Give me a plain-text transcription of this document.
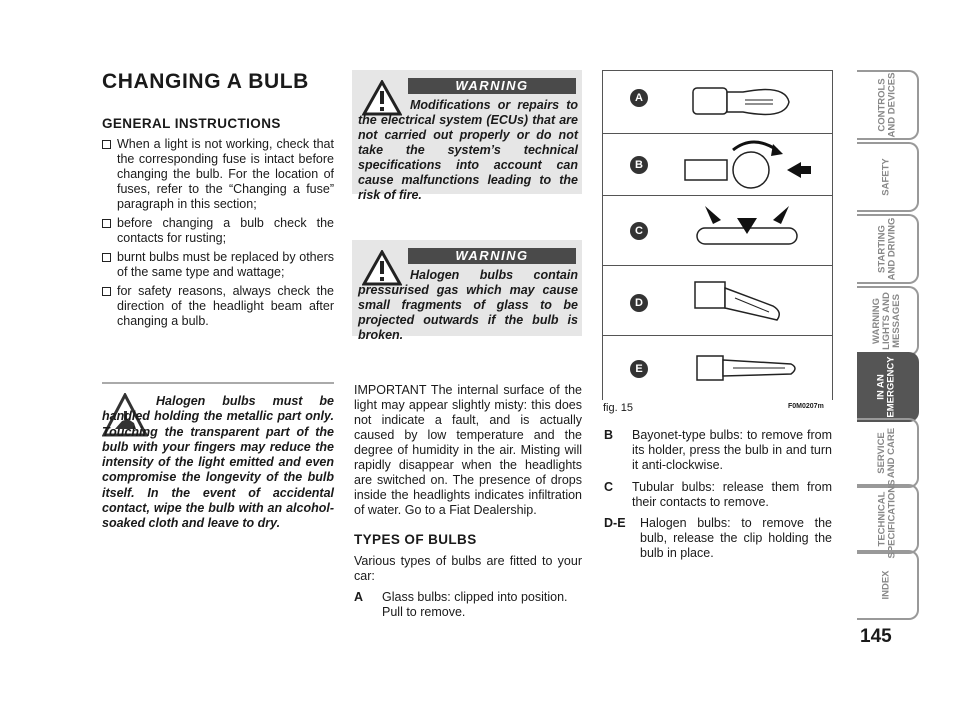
CHANGING A BULB
GENERAL INSTRUCTIONS
When a light is not working, check that the corresponding fuse is intact before changing the bulb. For the location of fuses, refer to the “Changing a fuse” paragraph in this section;
before changing a bulb check the contacts for rusting;
burnt bulbs must be replaced by others of the same type and wattage;
for safety reasons, always check the direction of the headlight beam after changing a bulb.
Halogen bulbs must be handled holding the metallic part only. Touching the transparent part of the bulb with your fingers may reduce the intensity of the light emitted and even compromise the longevity of the bulb itself. In the event of accidental contact, wipe the bulb with an alcohol-soaked cloth and leave to dry.
WARNING
Modifications or repairs to the electrical system (ECUs) that are not carried out properly or do not take the system’s technical specifications into account can cause malfunctions leading to the risk of fire.
WARNING
Halogen bulbs contain pressurised gas which may cause small fragments of glass to be projected outwards if the bulb is broken.
IMPORTANT The internal surface of the light may appear slightly misty: this does not indicate a fault, and is actually caused by low temperature and the degree of humidity in the air. Misting will rapidly disappear when the headlights are switched on. The presence of drops inside the headlights indicates infiltration of water. Go to a Fiat Dealership.
TYPES OF BULBS
Various types of bulbs are fitted to your car:
A	Glass bulbs: clipped into position. Pull to remove.
A
B
C
D
E
fig. 15	F0M0207m
B	Bayonet-type bulbs: to remove from its holder, press the bulb in and turn it anti-clockwise.
C	Tubular bulbs: release them from their contacts to remove.
D-E	Halogen bulbs: to remove the bulb, release the clip holding the bulb in place.
CONTROLS
AND DEVICES
SAFETY
STARTING
AND DRIVING
WARNING
LIGHTS AND
MESSAGES
IN AN
EMERGENCY
SERVICE
AND CARE
TECHNICAL
SPECIFICATIONS
INDEX
145
